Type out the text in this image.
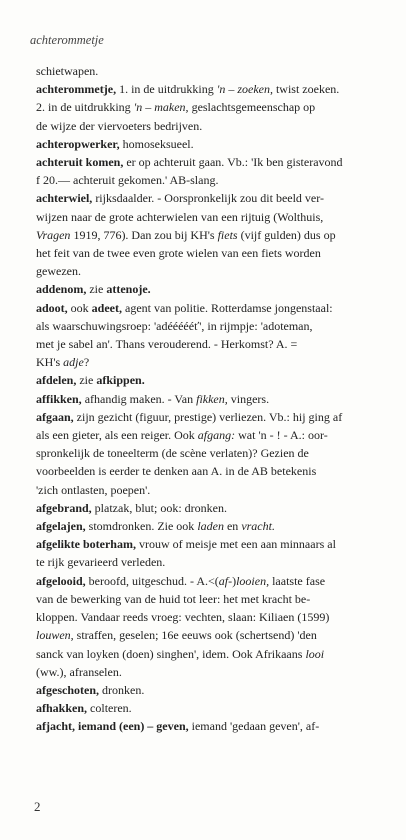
achterommetje

schietwapen.

achterommetje, 1. in de uitdrukking 'n – zoeken, twist zoeken.
2. in de uitdrukking 'n – maken, geslachtsgemeenschap op
de wijze der viervoeters bedrijven.

achteropwerker, homoseksueel.

achteruit komen, er op achteruit gaan. Vb.: 'Ik ben gisteravond
f 20.— achteruit gekomen.' AB-slang.

achterwiel, rijksdaalder. - Oorspronkelijk zou dit beeld ver-
wijzen naar de grote achterwielen van een rijtuig (Wolthuis,
Vragen 1919, 776). Dan zou bij KH's fiets (vijf gulden) dus op
het feit van de twee even grote wielen van een fiets worden
gewezen.

addenom, zie attenoje.

adoot, ook adeet, agent van politie. Rotterdamse jongenstaal:
als waarschuwingsroep: 'adéééééť', in rijmpje: 'adoteman,
met je sabel an'. Thans verouderend. - Herkomst? A. =
KH's adje?

afdelen, zie afkippen.

affikken, afhandig maken. - Van fikken, vingers.

afgaan, zijn gezicht (figuur, prestige) verliezen. Vb.: hij ging af
als een gieter, als een reiger. Ook afgang: wat 'n - ! - A.: oor-
spronkelijk de toneelterm (de scène verlaten)? Gezien de
voorbeelden is eerder te denken aan A. in de AB betekenis
'zich ontlasten, poepen'.

afgebrand, platzak, blut; ook: dronken.

afgelajen, stomdronken. Zie ook laden en vracht.

afgelikte boterham, vrouw of meisje met een aan minnaars al
te rijk gevarieerd verleden.

afgelooid, beroofd, uitgeschud. - A.<(af-)looien, laatste fase
van de bewerking van de huid tot leer: het met kracht be-
kloppen. Vandaar reeds vroeg: vechten, slaan: Kiliaen (1599)
louwen, straffen, geselen; 16e eeuws ook (schertsend) 'den
sanck van loyken (doen) singhen', idem. Ook Afrikaans looi
(ww.), afranselen.

afgeschoten, dronken.

afhakken, colteren.

afjacht, iemand (een) – geven, iemand 'gedaan geven', af-

2
